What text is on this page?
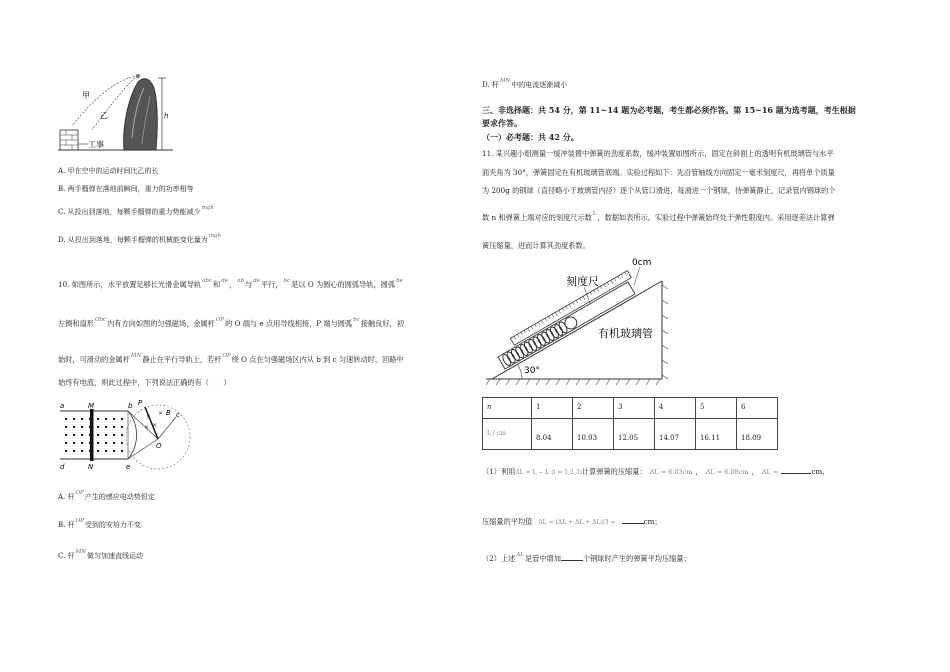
h
甲
乙
工事
A. 甲在空中的运动时间比乙的长
B. 两手榴弹在落地前瞬间，重力的功率相等
C. 从投出到落地，每颗手榴弹的重力势能减少$^{mgh}$
D. 从投出到落地，每颗手榴弹的机械能变化量为$^{mgh}$
10. 如图所示，水平放置足够长光滑金属导轨$^{abc}$和$^{de}$，$^{ab}$与$^{de}$平行，$^{bc}$是以 O 为圆心的圆弧导轨，圆弧$^{be}$
左侧和扇形$^{Obc}$内有方向如图的匀强磁场，金属杆$^{OP}$的 O 端与 e 点用导线相接，P 端与圆弧$^{bc}$接触良好，初
始时，可滑动的金属杆$^{MN}$静止在平行导轨上，若杆$^{OP}$绕 O 点在匀强磁场区内从 b 到 c 匀速转动时，回路中
始终有电流，则此过程中，下列说法正确的有（　　）
×
×
×
×
a	M	b
d	N	e
P
B c
O
A. 杆$^{OP}$产生的感应电动势恒定
B. 杆$^{OP}$受到的安培力不变
C. 杆$^{MN}$做匀加速直线运动
D. 杆$^{MN}$中的电流逐渐减小
三、非选择题：共 54 分，第 11~14 题为必考题，考生都必须作答。第 15~16 题为选考题，考生根据
要求作答。
（一）必考题：共 42 分。
11. 某兴趣小组测量一缓冲装置中弹簧的劲度系数，缓冲装置如图所示，固定在斜面上的透明有机玻璃管与水平
面夹角为 30°，弹簧固定在有机玻璃管底端。实验过程如下：先沿管轴线方向固定一毫米刻度尺，再将单个质量
为 200g 的钢球（直径略小于玻璃管内径）逐个从管口滑进，每滑进一个钢球，待弹簧静止，记录管内钢球的个
数 n 和弹簧上端对应的刻度尺示数$^L$，数据如表所示。实验过程中弹簧始终处于弹性限度内。采用逐差法计算弹
簧压缩量，进而计算其劲度系数。
30°
刻度尺
0cm
有机玻璃管
n	1	2	3	4	5	6
L / cm	8.04	10.03	12.05	14.07	16.11	18.09
（1）利用ΔL = L − L (i = 1,2,3)计算弹簧的压缩量： ΔL = 6.03cm ， ΔL = 6.08cm ， ΔL =	cm，
压缩量的平均值 ΔL = (ΔL + ΔL + ΔL)/3 =	cm；
（2）上述$^{\Delta L}$是管中增加	个钢球时产生的弹簧平均压缩量；
